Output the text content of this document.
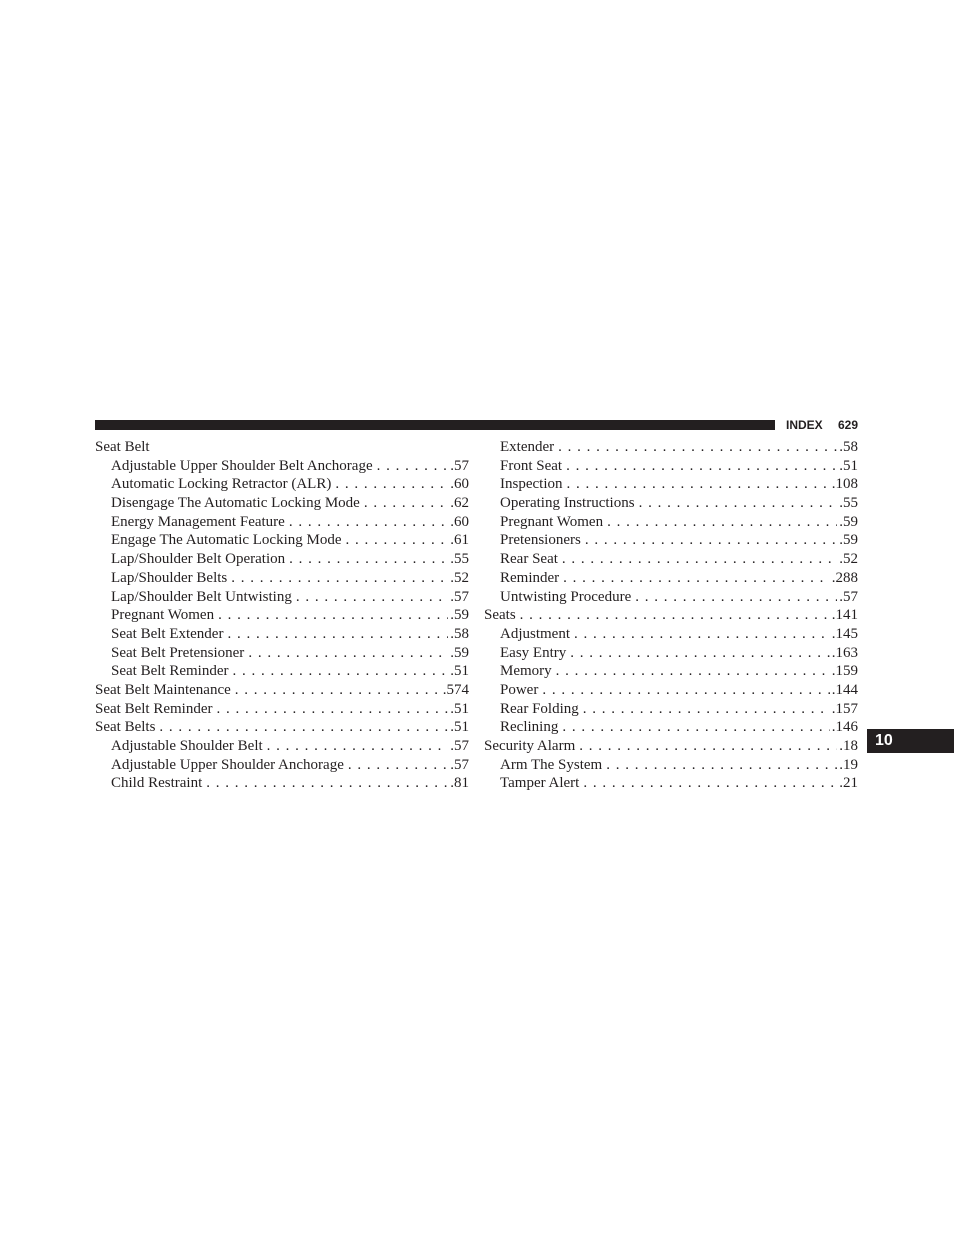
INDEX 629
10
Seat Belt
Adjustable Upper Shoulder Belt Anchorage . . .	.57
Automatic Locking Retractor (ALR) . . .	.60
Disengage The Automatic Locking Mode . . .	.62
Energy Management Feature . . .	.60
Engage The Automatic Locking Mode . . .	.61
Lap/Shoulder Belt Operation . . .	.55
Lap/Shoulder Belts . . .	.52
Lap/Shoulder Belt Untwisting . . .	.57
Pregnant Women . . .	.59
Seat Belt Extender . . .	.58
Seat Belt Pretensioner . . .	.59
Seat Belt Reminder . . .	.51
Seat Belt Maintenance . . .	.574
Seat Belt Reminder . . .	.51
Seat Belts . . .	.51
Adjustable Shoulder Belt . . .	.57
Adjustable Upper Shoulder Anchorage . . .	.57
Child Restraint . . .	.81
Extender . . .	.58
Front Seat . . .	.51
Inspection . . .	.108
Operating Instructions . . .	.55
Pregnant Women . . .	.59
Pretensioners . . .	.59
Rear Seat . . .	.52
Reminder . . .	.288
Untwisting Procedure . . .	.57
Seats . . .	.141
Adjustment . . .	.145
Easy Entry . . .	.163
Memory . . .	.159
Power . . .	.144
Rear Folding . . .	.157
Reclining . . .	.146
Security Alarm . . .	.18
Arm The System . . .	.19
Tamper Alert . . .	.21
